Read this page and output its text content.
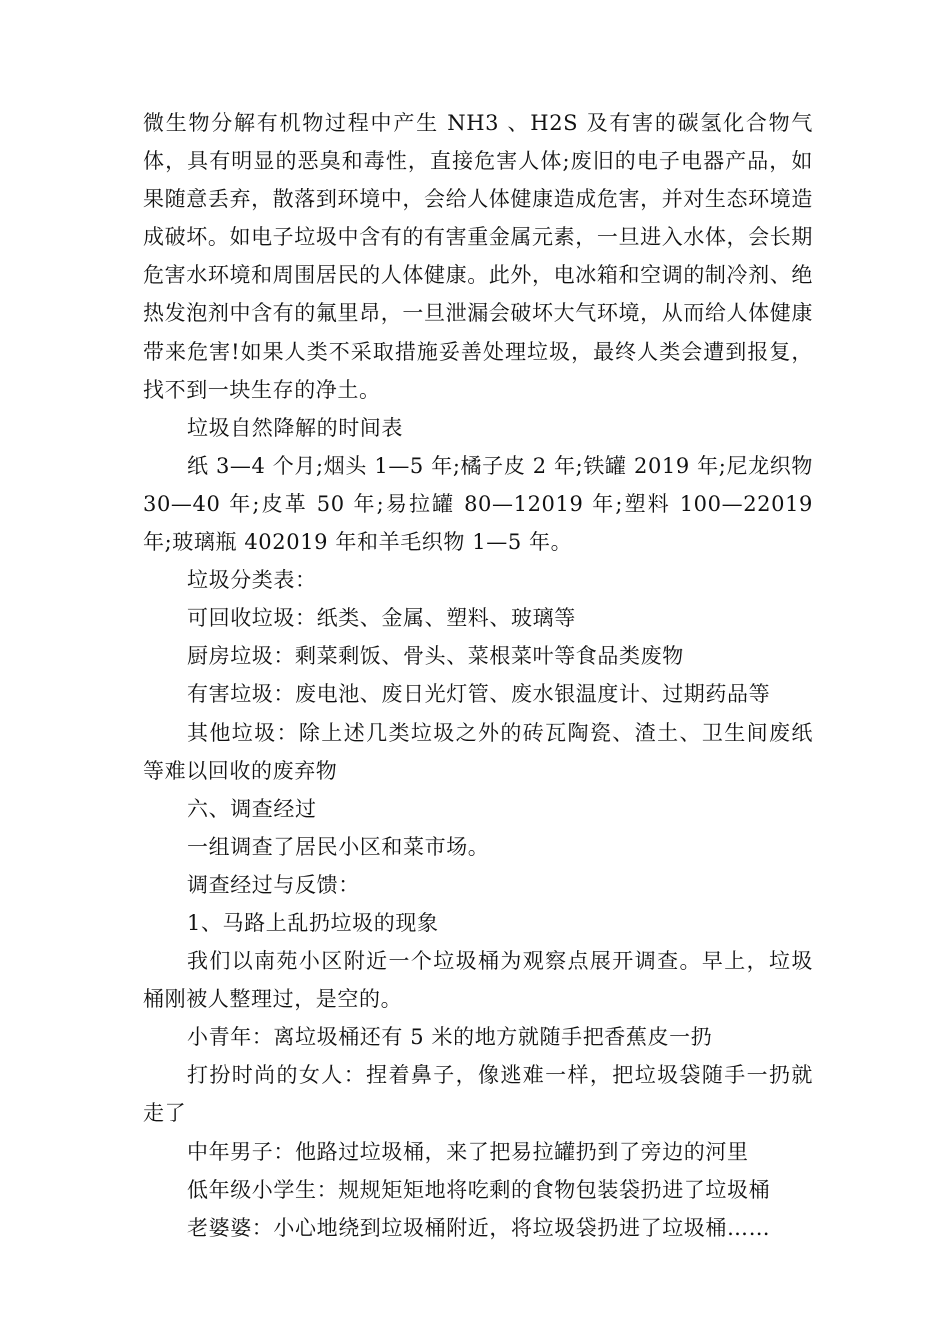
微生物分解有机物过程中产生 NH3 、H2S 及有害的碳氢化合物气体，具有明显的恶臭和毒性，直接危害人体;废旧的电子电器产品，如果随意丢弃，散落到环境中，会给人体健康造成危害，并对生态环境造成破坏。如电子垃圾中含有的有害重金属元素，一旦进入水体，会长期危害水环境和周围居民的人体健康。此外，电冰箱和空调的制冷剂、绝热发泡剂中含有的氟里昂，一旦泄漏会破坏大气环境，从而给人体健康带来危害!如果人类不采取措施妥善处理垃圾，最终人类会遭到报复，找不到一块生存的净土。

垃圾自然降解的时间表

纸 3—4 个月;烟头 1—5 年;橘子皮 2 年;铁罐 2019 年;尼龙织物 30—40 年;皮革 50 年;易拉罐 80—12019 年;塑料 100—22019 年;玻璃瓶 402019 年和羊毛织物 1—5 年。

垃圾分类表：

可回收垃圾：纸类、金属、塑料、玻璃等

厨房垃圾：剩菜剩饭、骨头、菜根菜叶等食品类废物

有害垃圾：废电池、废日光灯管、废水银温度计、过期药品等

其他垃圾：除上述几类垃圾之外的砖瓦陶瓷、渣土、卫生间废纸等难以回收的废弃物

六、调查经过

一组调查了居民小区和菜市场。

调查经过与反馈：

1、马路上乱扔垃圾的现象

我们以南苑小区附近一个垃圾桶为观察点展开调查。早上，垃圾桶刚被人整理过，是空的。

小青年：离垃圾桶还有 5 米的地方就随手把香蕉皮一扔

打扮时尚的女人：捏着鼻子，像逃难一样，把垃圾袋随手一扔就走了

中年男子：他路过垃圾桶，来了把易拉罐扔到了旁边的河里

低年级小学生：规规矩矩地将吃剩的食物包装袋扔进了垃圾桶

老婆婆：小心地绕到垃圾桶附近，将垃圾袋扔进了垃圾桶……
